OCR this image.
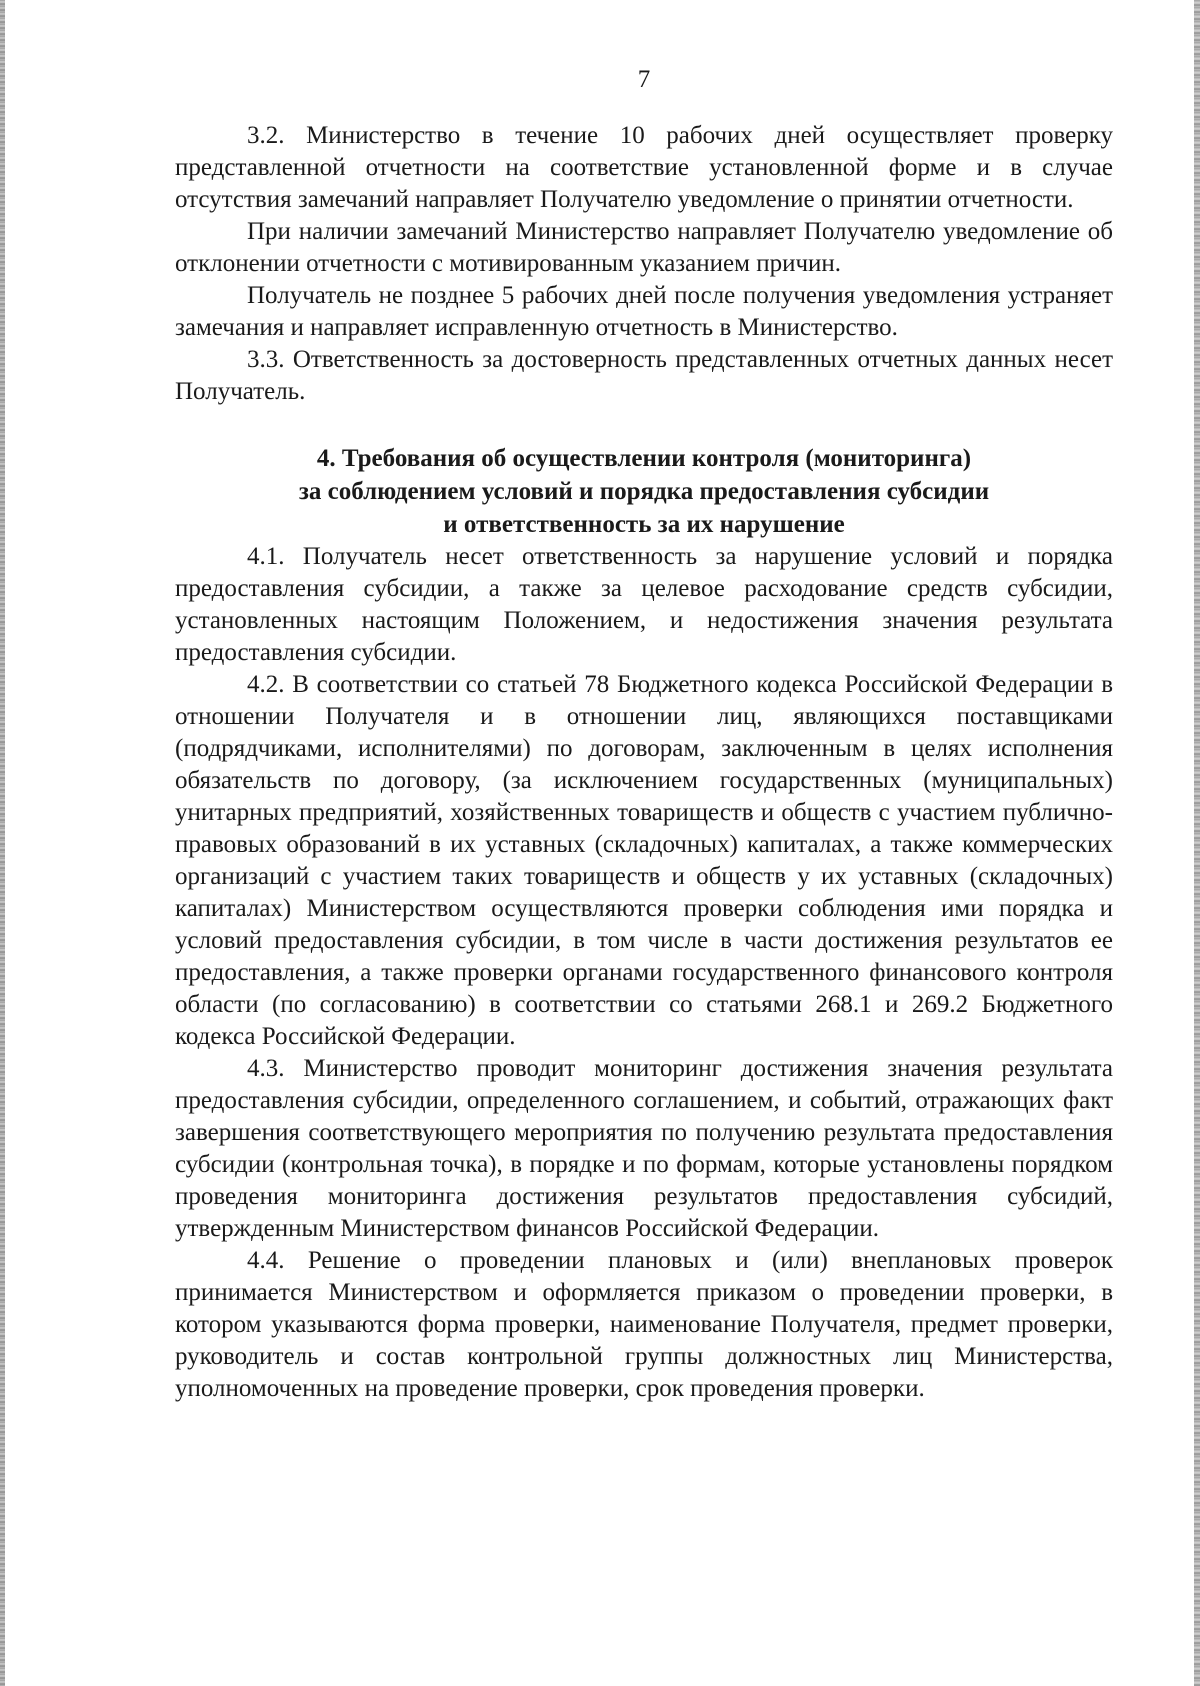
7

3.2. Министерство в течение 10 рабочих дней осуществляет проверку представленной отчетности на соответствие установленной форме и в случае отсутствия замечаний направляет Получателю уведомление о принятии отчетности.

При наличии замечаний Министерство направляет Получателю уведомление об отклонении отчетности с мотивированным указанием причин.

Получатель не позднее 5 рабочих дней после получения уведомления устраняет замечания и направляет исправленную отчетность в Министерство.

3.3. Ответственность за достоверность представленных отчетных данных несет Получатель.

4. Требования об осуществлении контроля (мониторинга)
за соблюдением условий и порядка предоставления субсидии
и ответственность за их нарушение

4.1. Получатель несет ответственность за нарушение условий и порядка предоставления субсидии, а также за целевое расходование средств субсидии, установленных настоящим Положением, и недостижения значения результата предоставления субсидии.

4.2. В соответствии со статьей 78 Бюджетного кодекса Российской Федерации в отношении Получателя и в отношении лиц, являющихся поставщиками (подрядчиками, исполнителями) по договорам, заключенным в целях исполнения обязательств по договору, (за исключением государственных (муниципальных) унитарных предприятий, хозяйственных товариществ и обществ с участием публично-правовых образований в их уставных (складочных) капиталах, а также коммерческих организаций с участием таких товариществ и обществ у их уставных (складочных) капиталах) Министерством осуществляются проверки соблюдения ими порядка и условий предоставления субсидии, в том числе в части достижения результатов ее предоставления, а также проверки органами государственного финансового контроля области (по согласованию) в соответствии со статьями 268.1 и 269.2 Бюджетного кодекса Российской Федерации.

4.3. Министерство проводит мониторинг достижения значения результата предоставления субсидии, определенного соглашением, и событий, отражающих факт завершения соответствующего мероприятия по получению результата предоставления субсидии (контрольная точка), в порядке и по формам, которые установлены порядком проведения мониторинга достижения результатов предоставления субсидий, утвержденным Министерством финансов Российской Федерации.

4.4. Решение о проведении плановых и (или) внеплановых проверок принимается Министерством и оформляется приказом о проведении проверки, в котором указываются форма проверки, наименование Получателя, предмет проверки, руководитель и состав контрольной группы должностных лиц Министерства, уполномоченных на проведение проверки, срок проведения проверки.
